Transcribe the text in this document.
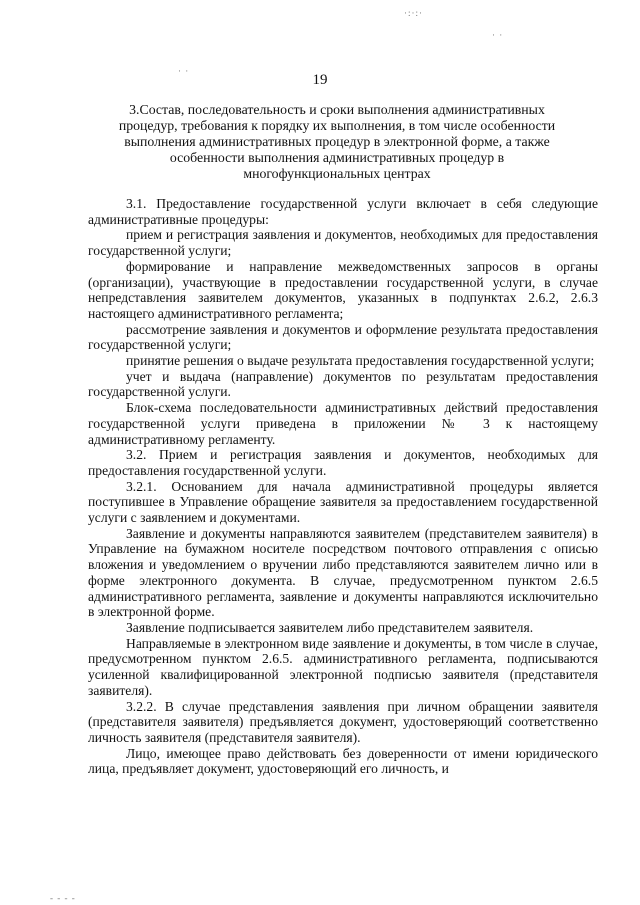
·:·:·
· ·
· ·
- - - -
19
3.Состав, последовательность и сроки выполнения административных процедур, требования к порядку их выполнения, в том числе особенности выполнения административных процедур в электронной форме, а также особенности выполнения административных процедур в многофункциональных центрах

3.1. Предоставление государственной услуги включает в себя следующие административные процедуры:

прием и регистрация заявления и документов, необходимых для предоставления государственной услуги;

формирование и направление межведомственных запросов в органы (организации), участвующие в предоставлении государственной услуги, в случае непредставления заявителем документов, указанных в подпунктах 2.6.2, 2.6.3 настоящего административного регламента;

рассмотрение заявления и документов и оформление результата предоставления государственной услуги;

принятие решения о выдаче результата предоставления государственной услуги;

учет и выдача (направление) документов по результатам предоставления государственной услуги.

Блок-схема последовательности административных действий предоставления государственной услуги приведена в приложении № 3 к настоящему административному регламенту.

3.2. Прием и регистрация заявления и документов, необходимых для предоставления государственной услуги.

3.2.1. Основанием для начала административной процедуры является поступившее в Управление обращение заявителя за предоставлением государственной услуги с заявлением и документами.

Заявление и документы направляются заявителем (представителем заявителя) в Управление на бумажном носителе посредством почтового отправления с описью вложения и уведомлением о вручении либо представляются заявителем лично или в форме электронного документа. В случае, предусмотренном пунктом 2.6.5 административного регламента, заявление и документы направляются исключительно в электронной форме.

Заявление подписывается заявителем либо представителем заявителя.

Направляемые в электронном виде заявление и документы, в том числе в случае, предусмотренном пунктом 2.6.5. административного регламента, подписываются усиленной квалифицированной электронной подписью заявителя (представителя заявителя).

3.2.2. В случае представления заявления при личном обращении заявителя (представителя заявителя) предъявляется документ, удостоверяющий соответственно личность заявителя (представителя заявителя).

Лицо, имеющее право действовать без доверенности от имени юридического лица, предъявляет документ, удостоверяющий его личность, и
